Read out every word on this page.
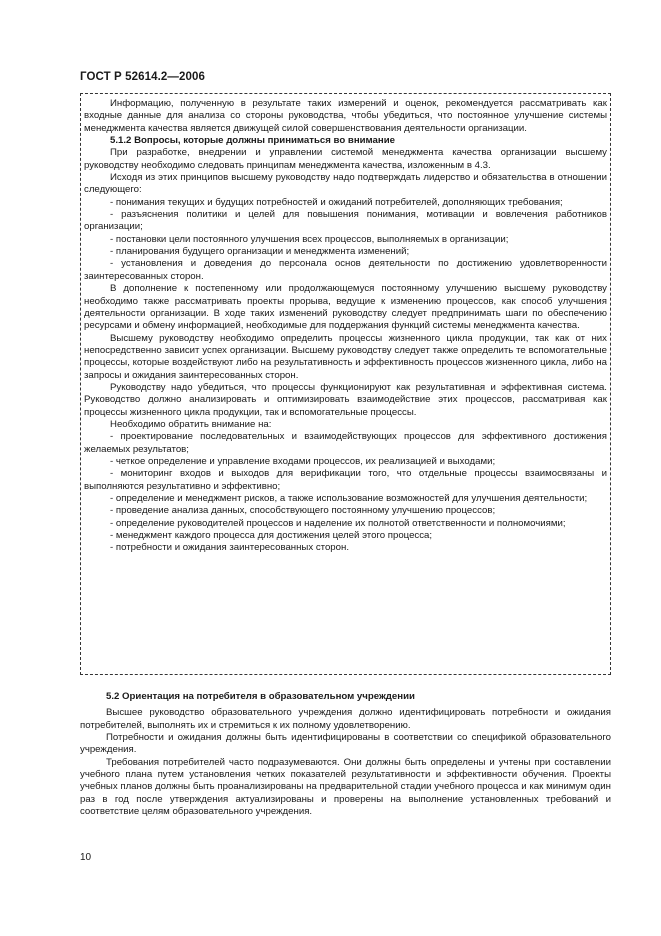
ГОСТ Р 52614.2—2006

Информацию, полученную в результате таких измерений и оценок, рекомендуется рассматривать как входные данные для анализа со стороны руководства, чтобы убедиться, что постоянное улучшение системы менеджмента качества является движущей силой совершенствования деятельности организации.

5.1.2 Вопросы, которые должны приниматься во внимание

При разработке, внедрении и управлении системой менеджмента качества организации высшему руководству необходимо следовать принципам менеджмента качества, изложенным в 4.3.

Исходя из этих принципов высшему руководству надо подтверждать лидерство и обязательства в отношении следующего:

- понимания текущих и будущих потребностей и ожиданий потребителей, дополняющих требования;

- разъяснения политики и целей для повышения понимания, мотивации и вовлечения работников организации;

- постановки цели постоянного улучшения всех процессов, выполняемых в организации;

- планирования будущего организации и менеджмента изменений;

- установления и доведения до персонала основ деятельности по достижению удовлетворенности заинтересованных сторон.

В дополнение к постепенному или продолжающемуся постоянному улучшению высшему руководству необходимо также рассматривать проекты прорыва, ведущие к изменению процессов, как способ улучшения деятельности организации. В ходе таких изменений руководству следует предпринимать шаги по обеспечению ресурсами и обмену информацией, необходимые для поддержания функций системы менеджмента качества.

Высшему руководству необходимо определить процессы жизненного цикла продукции, так как от них непосредственно зависит успех организации. Высшему руководству следует также определить те вспомогательные процессы, которые воздействуют либо на результативность и эффективность процессов жизненного цикла, либо на запросы и ожидания заинтересованных сторон.

Руководству надо убедиться, что процессы функционируют как результативная и эффективная система. Руководство должно анализировать и оптимизировать взаимодействие этих процессов, рассматривая как процессы жизненного цикла продукции, так и вспомогательные процессы.

Необходимо обратить внимание на:

- проектирование последовательных и взаимодействующих процессов для эффективного достижения желаемых результатов;

- четкое определение и управление входами процессов, их реализацией и выходами;

- мониторинг входов и выходов для верификации того, что отдельные процессы взаимосвязаны и выполняются результативно и эффективно;

- определение и менеджмент рисков, а также использование возможностей для улучшения деятельности;

- проведение анализа данных, способствующего постоянному улучшению процессов;

- определение руководителей процессов и наделение их полнотой ответственности и полномочиями;

- менеджмент каждого процесса для достижения целей этого процесса;

- потребности и ожидания заинтересованных сторон.

5.2 Ориентация на потребителя в образовательном учреждении

Высшее руководство образовательного учреждения должно идентифицировать потребности и ожидания потребителей, выполнять их и стремиться к их полному удовлетворению.

Потребности и ожидания должны быть идентифицированы в соответствии со спецификой образовательного учреждения.

Требования потребителей часто подразумеваются. Они должны быть определены и учтены при составлении учебного плана путем установления четких показателей результативности и эффективности обучения. Проекты учебных планов должны быть проанализированы на предварительной стадии учебного процесса и как минимум один раз в год после утверждения актуализированы и проверены на выполнение установленных требований и соответствие целям образовательного учреждения.

10
